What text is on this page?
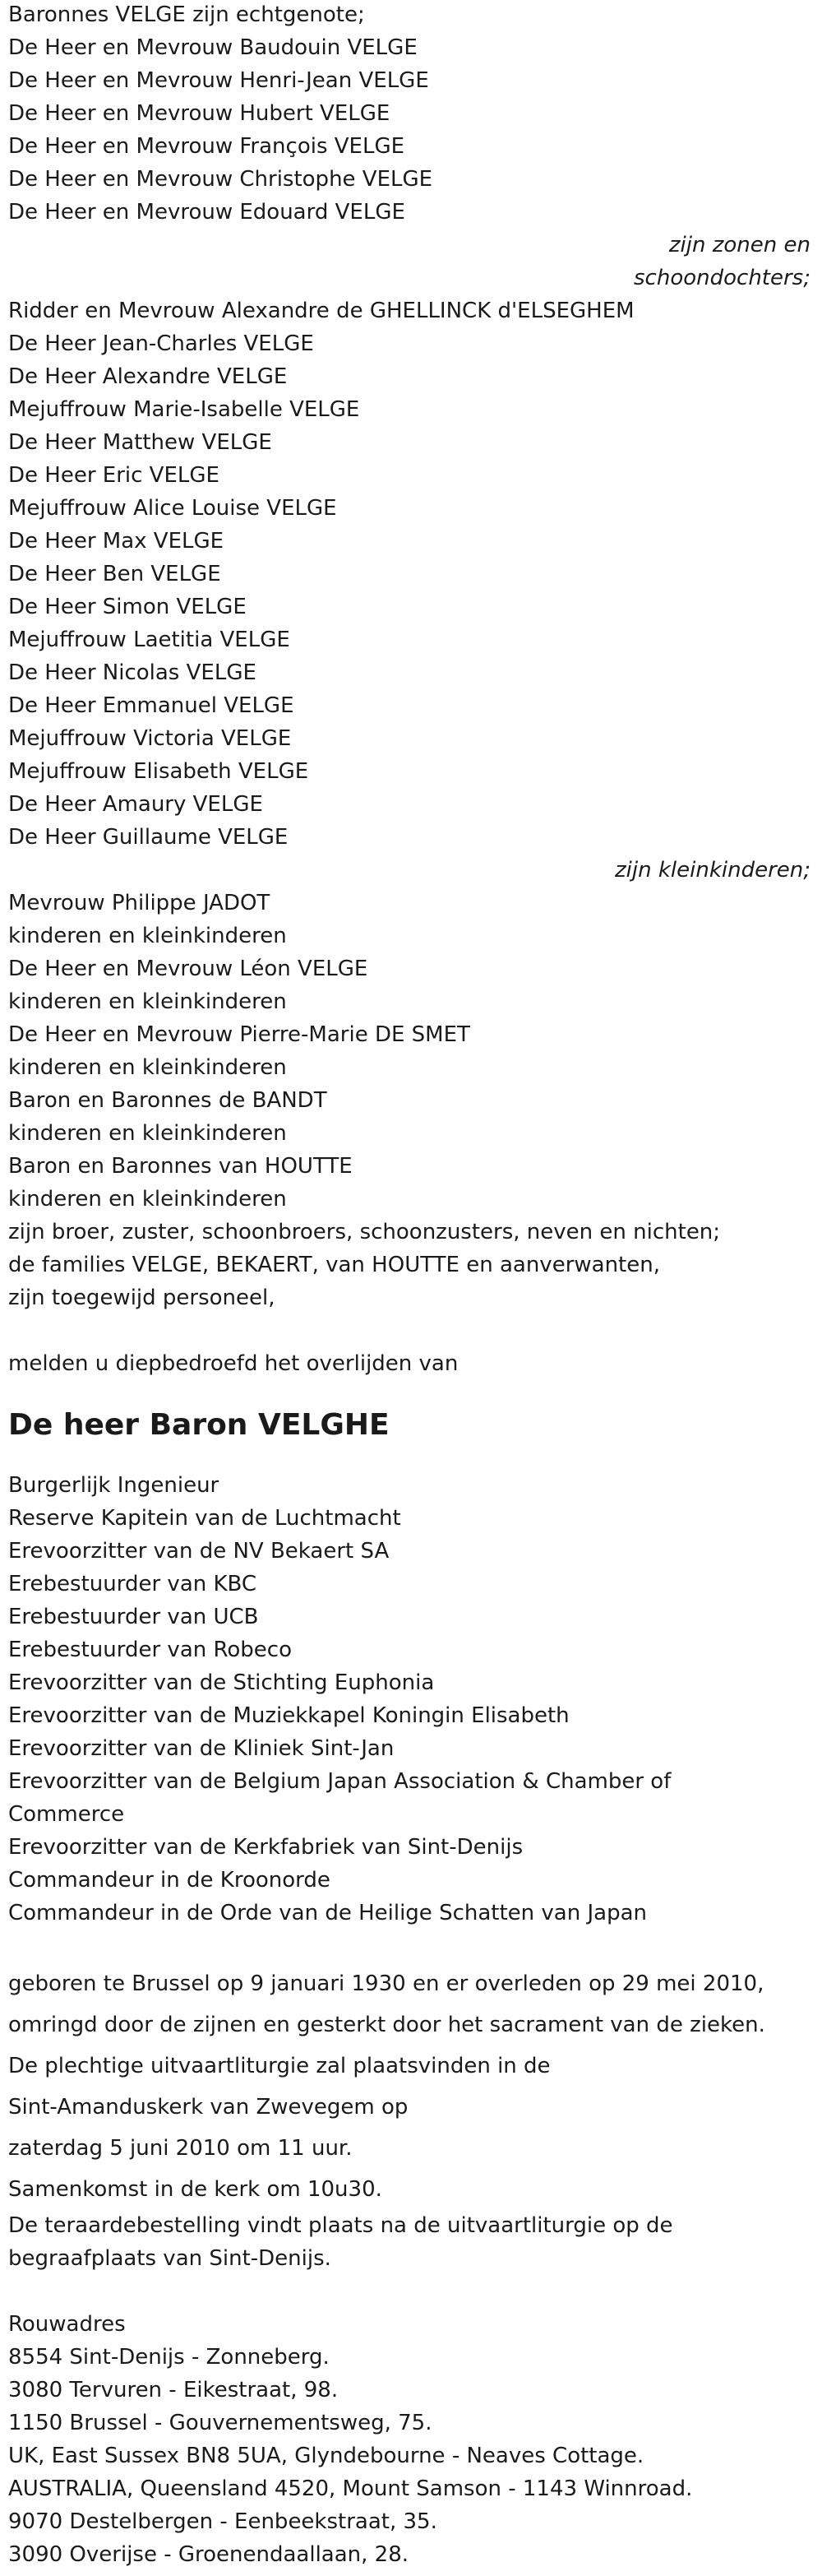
Baronnes VELGE zijn echtgenote;

De Heer en Mevrouw Baudouin VELGE

De Heer en Mevrouw Henri-Jean VELGE

De Heer en Mevrouw Hubert VELGE

De Heer en Mevrouw François VELGE

De Heer en Mevrouw Christophe VELGE

De Heer en Mevrouw Edouard VELGE

zijn zonen en

schoondochters;

Ridder en Mevrouw Alexandre de GHELLINCK d'ELSEGHEM

De Heer Jean-Charles VELGE

De Heer Alexandre VELGE

Mejuffrouw Marie-Isabelle VELGE

De Heer Matthew VELGE

De Heer Eric VELGE

Mejuffrouw Alice Louise VELGE

De Heer Max VELGE

De Heer Ben VELGE

De Heer Simon VELGE

Mejuffrouw Laetitia VELGE

De Heer Nicolas VELGE

De Heer Emmanuel VELGE

Mejuffrouw Victoria VELGE

Mejuffrouw Elisabeth VELGE

De Heer Amaury VELGE

De Heer Guillaume VELGE

zijn kleinkinderen;

Mevrouw Philippe JADOT

kinderen en kleinkinderen

De Heer en Mevrouw Léon VELGE

kinderen en kleinkinderen

De Heer en Mevrouw Pierre-Marie DE SMET

kinderen en kleinkinderen

Baron en Baronnes de BANDT

kinderen en kleinkinderen

Baron en Baronnes van HOUTTE

kinderen en kleinkinderen

zijn broer, zuster, schoonbroers, schoonzusters, neven en nichten;

de families VELGE, BEKAERT, van HOUTTE en aanverwanten,

zijn toegewijd personeel,

melden u diepbedroefd het overlijden van

De heer Baron VELGHE

Burgerlijk Ingenieur

Reserve Kapitein van de Luchtmacht

Erevoorzitter van de NV Bekaert SA

Erebestuurder van KBC

Erebestuurder van UCB

Erebestuurder van Robeco

Erevoorzitter van de Stichting Euphonia

Erevoorzitter van de Muziekkapel Koningin Elisabeth

Erevoorzitter van de Kliniek Sint-Jan

Erevoorzitter van de Belgium Japan Association & Chamber of

Commerce

Erevoorzitter van de Kerkfabriek van Sint-Denijs

Commandeur in de Kroonorde

Commandeur in de Orde van de Heilige Schatten van Japan

geboren te Brussel op 9 januari 1930 en er overleden op 29 mei 2010,

omringd door de zijnen en gesterkt door het sacrament van de zieken.

De plechtige uitvaartliturgie zal plaatsvinden in de

Sint-Amanduskerk van Zwevegem op

zaterdag 5 juni 2010 om 11 uur.

Samenkomst in de kerk om 10u30.

De teraardebestelling vindt plaats na de uitvaartliturgie op de

begraafplaats van Sint-Denijs.

Rouwadres

8554 Sint-Denijs - Zonneberg.

3080 Tervuren - Eikestraat, 98.

1150 Brussel - Gouvernementsweg, 75.

UK, East Sussex BN8 5UA, Glyndebourne - Neaves Cottage.

AUSTRALIA, Queensland 4520, Mount Samson - 1143 Winnroad.

9070 Destelbergen - Eenbeekstraat, 35.

3090 Overijse - Groenendaallaan, 28.
